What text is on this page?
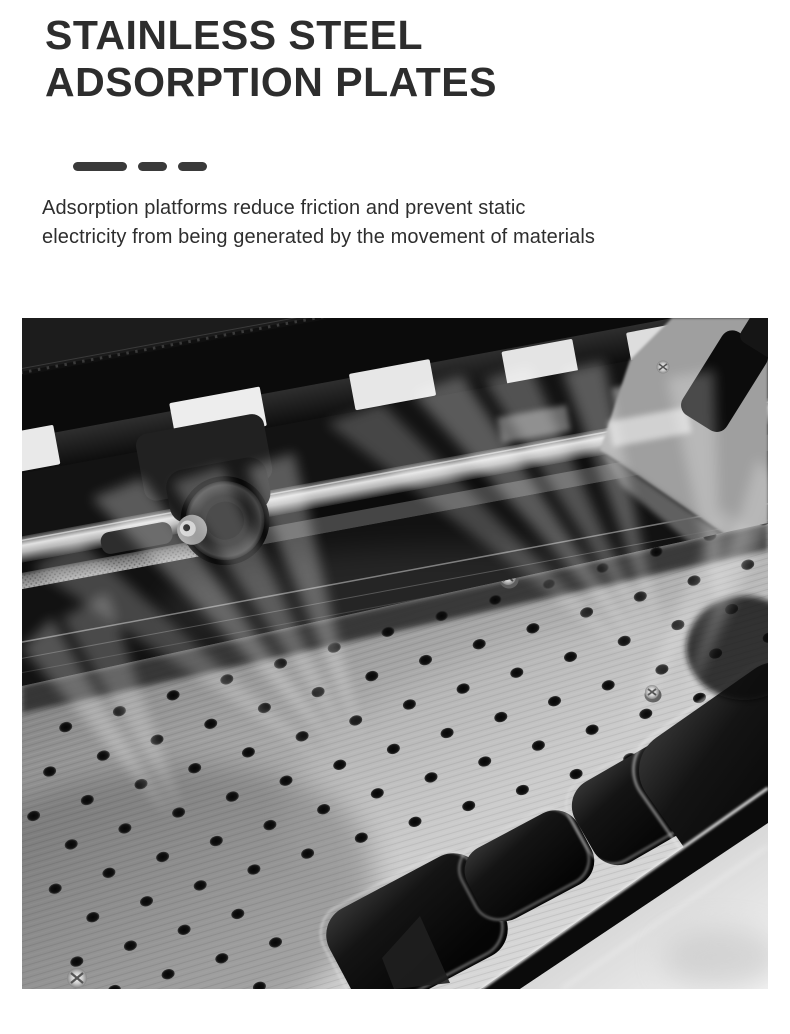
STAINLESS STEEL
ADSORPTION PLATES

Adsorption platforms reduce friction and prevent static
electricity from being generated by the movement of materials
